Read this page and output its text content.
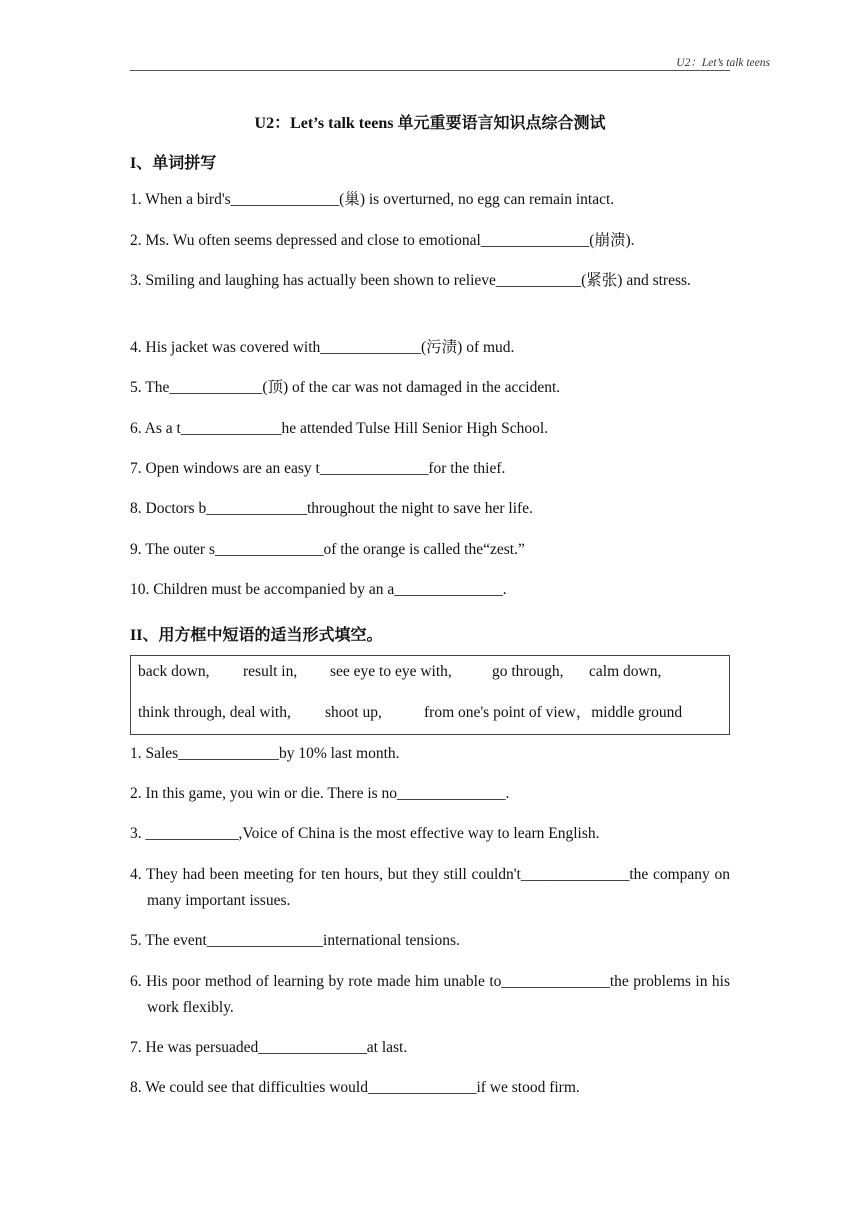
U2：Let’s talk teens
U2：Let’s talk teens 单元重要语言知识点综合测试
I、单词拼写
1. When a bird's______________(巢) is overturned, no egg can remain intact.
2. Ms. Wu often seems depressed and close to emotional______________(崩溃).
3. Smiling and laughing has actually been shown to relieve___________(紧张) and stress.
4. His jacket was covered with_____________(污渍) of mud.
5. The____________(顶) of the car was not damaged in the accident.
6. As a t_____________he attended Tulse Hill Senior High School.
7. Open windows are an easy t______________for the thief.
8. Doctors b_____________throughout the night to save her life.
9. The outer s______________of the orange is called the“zest.”
10. Children must be accompanied by an a______________.
II、用方框中短语的适当形式填空。
back down, result in, see eye to eye with,	go through, calm down,
think through, deal with, shoot up,	from one's point of view，middle ground
1. Sales_____________by 10% last month.
2. In this game, you win or die. There is no______________.
3. ____________,Voice of China is the most effective way to learn English.
4. They had been meeting for ten hours, but they still couldn't______________the company on many important issues.
5. The event_______________international tensions.
6. His poor method of learning by rote made him unable to______________the problems in his work flexibly.
7. He was persuaded______________at last.
8. We could see that difficulties would______________if we stood firm.
